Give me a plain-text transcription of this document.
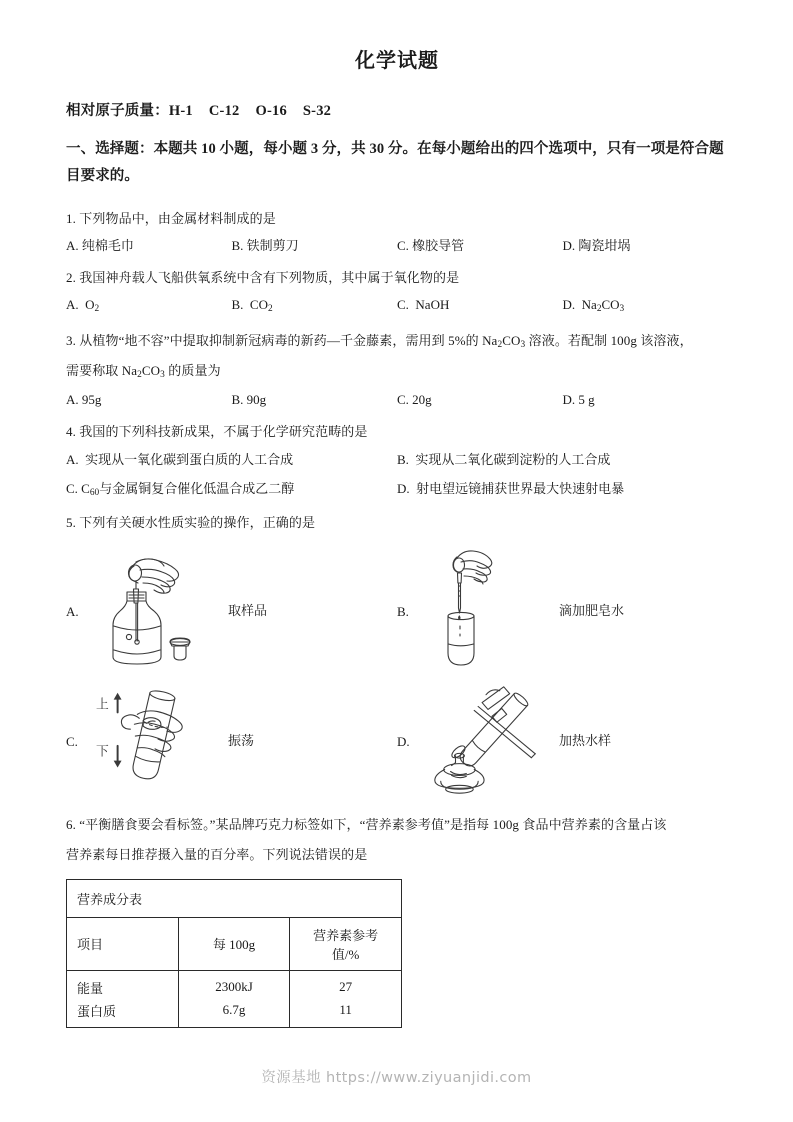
化学试题
相对原子质量：H-1 C-12 O-16 S-32
一、选择题：本题共 10 小题，每小题 3 分，共 30 分。在每小题给出的四个选项中，只有一项是符合题目要求的。
1. 下列物品中，由金属材料制成的是
A. 纯棉毛巾	B. 铁制剪刀	C. 橡胶导管	D. 陶瓷坩埚
2. 我国神舟载人飞船供氧系统中含有下列物质，其中属于氧化物的是
A. $O_2$	B. $CO_2$	C. NaOH	D. $Na_2CO_3$
3. 从植物“地不容”中提取抑制新冠病毒的新药—千金藤素，需用到 5%的 $Na_2CO_3$ 溶液。若配制 100g 该溶液，
需要称取 $Na_2CO_3$ 的质量为
A. 95g	B. 90g	C. 20g	D. 5 g
4. 我国的下列科技新成果，不属于化学研究范畴的是
A. 实现从一氧化碳到蛋白质的人工合成	B. 实现从二氧化碳到淀粉的人工合成
C. $C_{60}$与金属铜复合催化低温合成乙二醇	D. 射电望远镜捕获世界最大快速射电暴
5. 下列有关硬水性质实验的操作，正确的是
A.	取样品	B.	滴加肥皂水
C.
上
下
振荡	D.	加热水样
6. “平衡膳食要会看标签。”某品牌巧克力标签如下，“营养素参考值”是指每 100g 食品中营养素的含量占该
营养素每日推荐摄入量的百分率。下列说法错误的是
营养成分表		
项目	每 100g	营养素参考值/%
能量	2300kJ	27
蛋白质	6.7g	11
资源基地 https://www.ziyuanjidi.com
